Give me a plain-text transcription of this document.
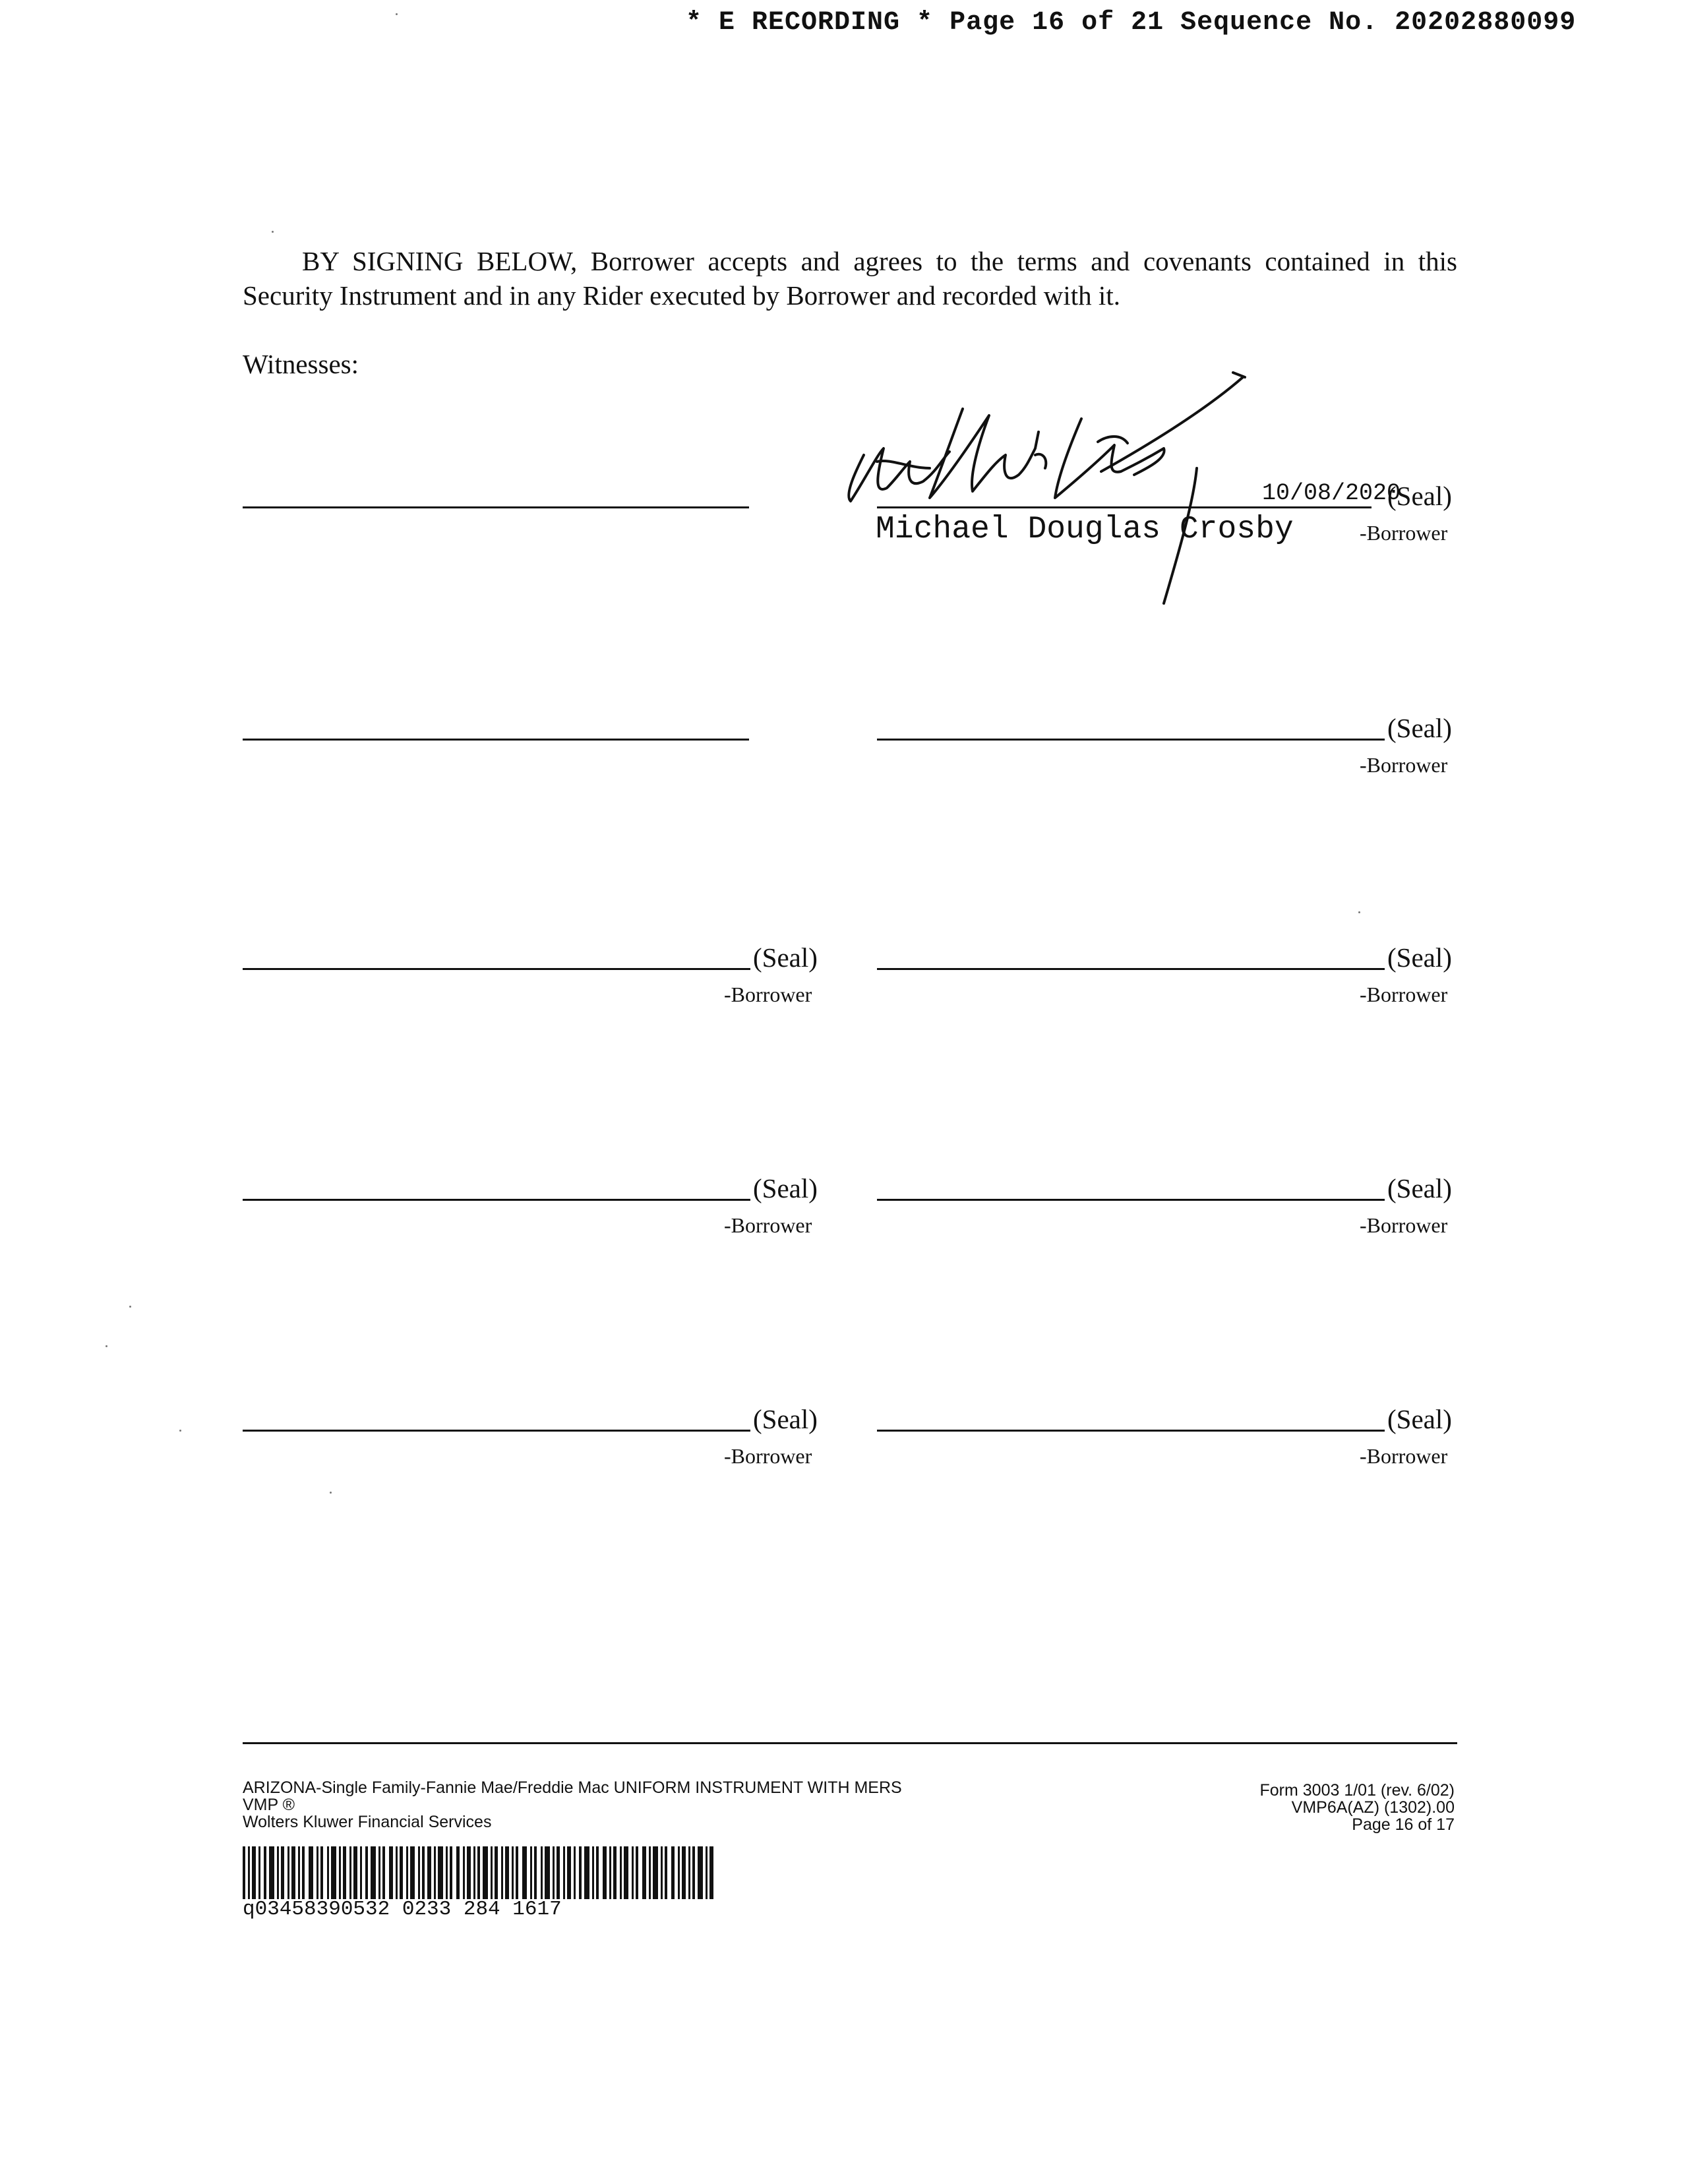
* E RECORDING * Page 16 of 21 Sequence No. 20202880099
BY SIGNING BELOW, Borrower accepts and agrees to the terms and covenants contained in this Security Instrument and in any Rider executed by Borrower and recorded with it.
Witnesses:
10/08/2020
(Seal)
Michael Douglas Crosby	-Borrower
(Seal)
-Borrower
(Seal)
-Borrower
(Seal)
-Borrower
(Seal)
-Borrower
(Seal)
-Borrower
(Seal)
-Borrower
(Seal)
-Borrower
ARIZONA-Single Family-Fannie Mae/Freddie Mac UNIFORM INSTRUMENT WITH MERS
VMP ®
Wolters Kluwer Financial Services
Form 3003 1/01 (rev. 6/02)
VMP6A(AZ) (1302).00
Page 16 of 17
q03458390532 0233 284 1617
